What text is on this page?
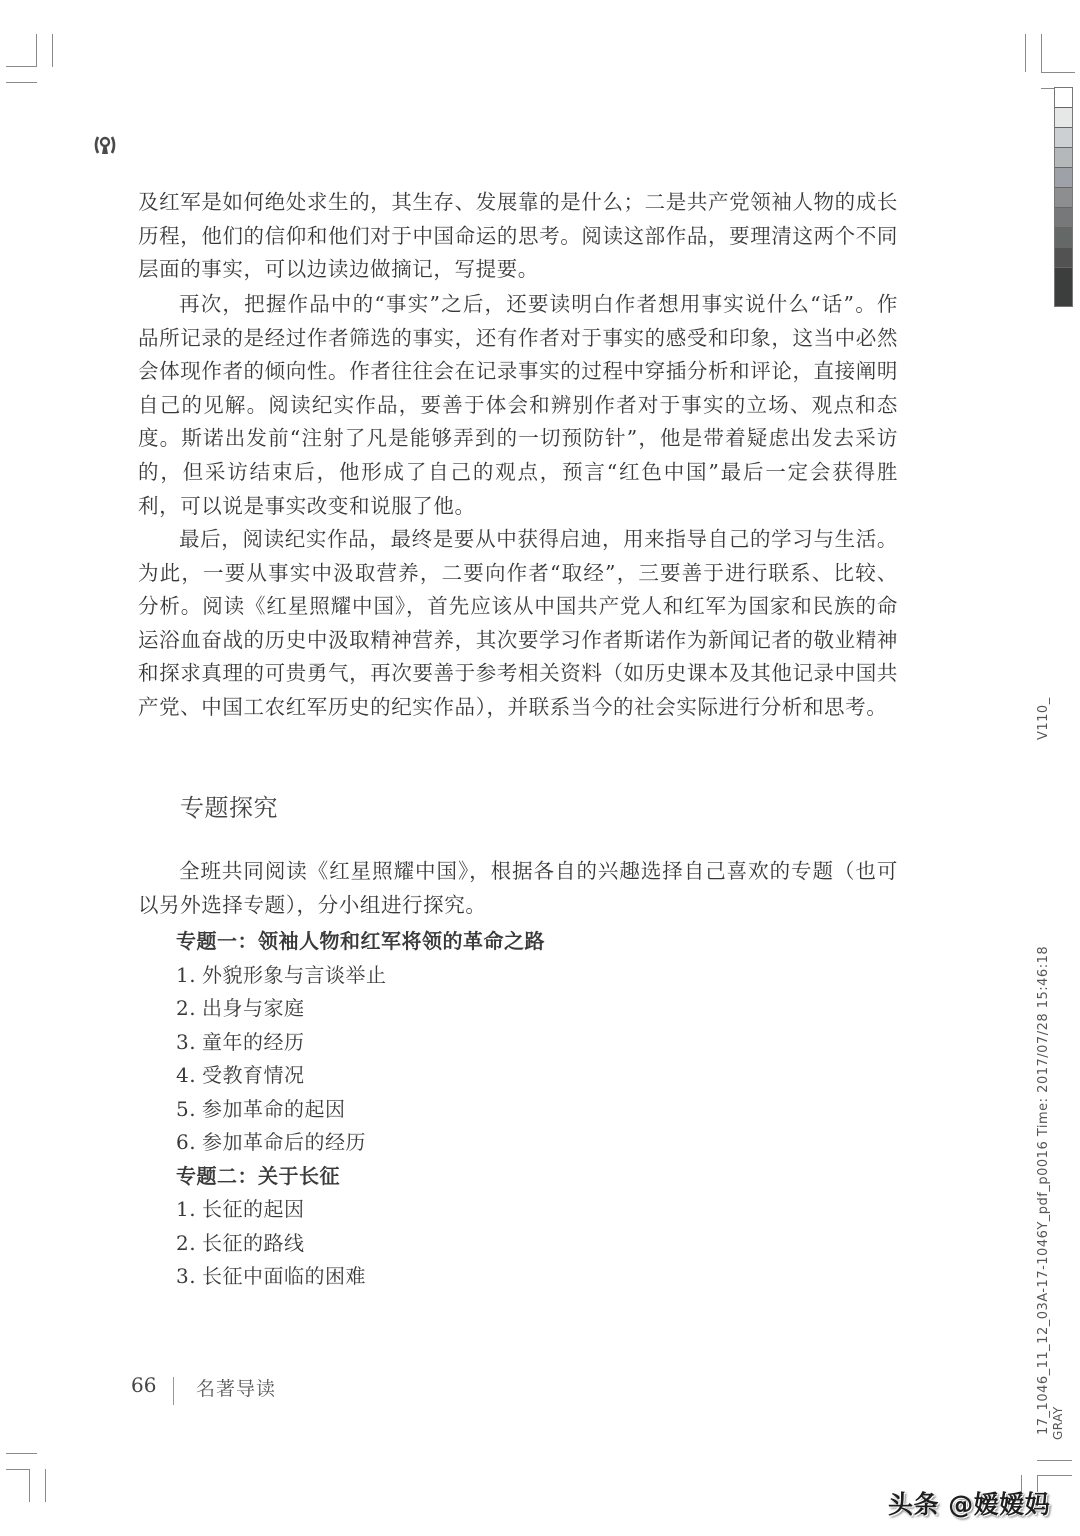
及红军是如何绝处求生的，其生存、发展靠的是什么；二是共产党领袖人物的成长历程，他们的信仰和他们对于中国命运的思考。阅读这部作品，要理清这两个不同层面的事实，可以边读边做摘记，写提要。
再次，把握作品中的“事实”之后，还要读明白作者想用事实说什么“话”。作品所记录的是经过作者筛选的事实，还有作者对于事实的感受和印象，这当中必然会体现作者的倾向性。作者往往会在记录事实的过程中穿插分析和评论，直接阐明自己的见解。阅读纪实作品，要善于体会和辨别作者对于事实的立场、观点和态度。斯诺出发前“注射了凡是能够弄到的一切预防针”，他是带着疑虑出发去采访的，但采访结束后，他形成了自己的观点，预言“红色中国”最后一定会获得胜利，可以说是事实改变和说服了他。
最后，阅读纪实作品，最终是要从中获得启迪，用来指导自己的学习与生活。为此，一要从事实中汲取营养，二要向作者“取经”，三要善于进行联系、比较、分析。阅读《红星照耀中国》，首先应该从中国共产党人和红军为国家和民族的命运浴血奋战的历史中汲取精神营养，其次要学习作者斯诺作为新闻记者的敬业精神和探求真理的可贵勇气，再次要善于参考相关资料（如历史课本及其他记录中国共产党、中国工农红军历史的纪实作品），并联系当今的社会实际进行分析和思考。
专题探究
全班共同阅读《红星照耀中国》，根据各自的兴趣选择自己喜欢的专题（也可以另外选择专题），分小组进行探究。
专题一：领袖人物和红军将领的革命之路
1. 外貌形象与言谈举止
2. 出身与家庭
3. 童年的经历
4. 受教育情况
5. 参加革命的起因
6. 参加革命后的经历
专题二：关于长征
1. 长征的起因
2. 长征的路线
3. 长征中面临的困难
66 名著导读
V110_
17_1046_11_12_03A-17-1046Y_pdf_p0016 Time: 2017/07/28 15:46:18 GRAY
头条 @嫒嫒妈
